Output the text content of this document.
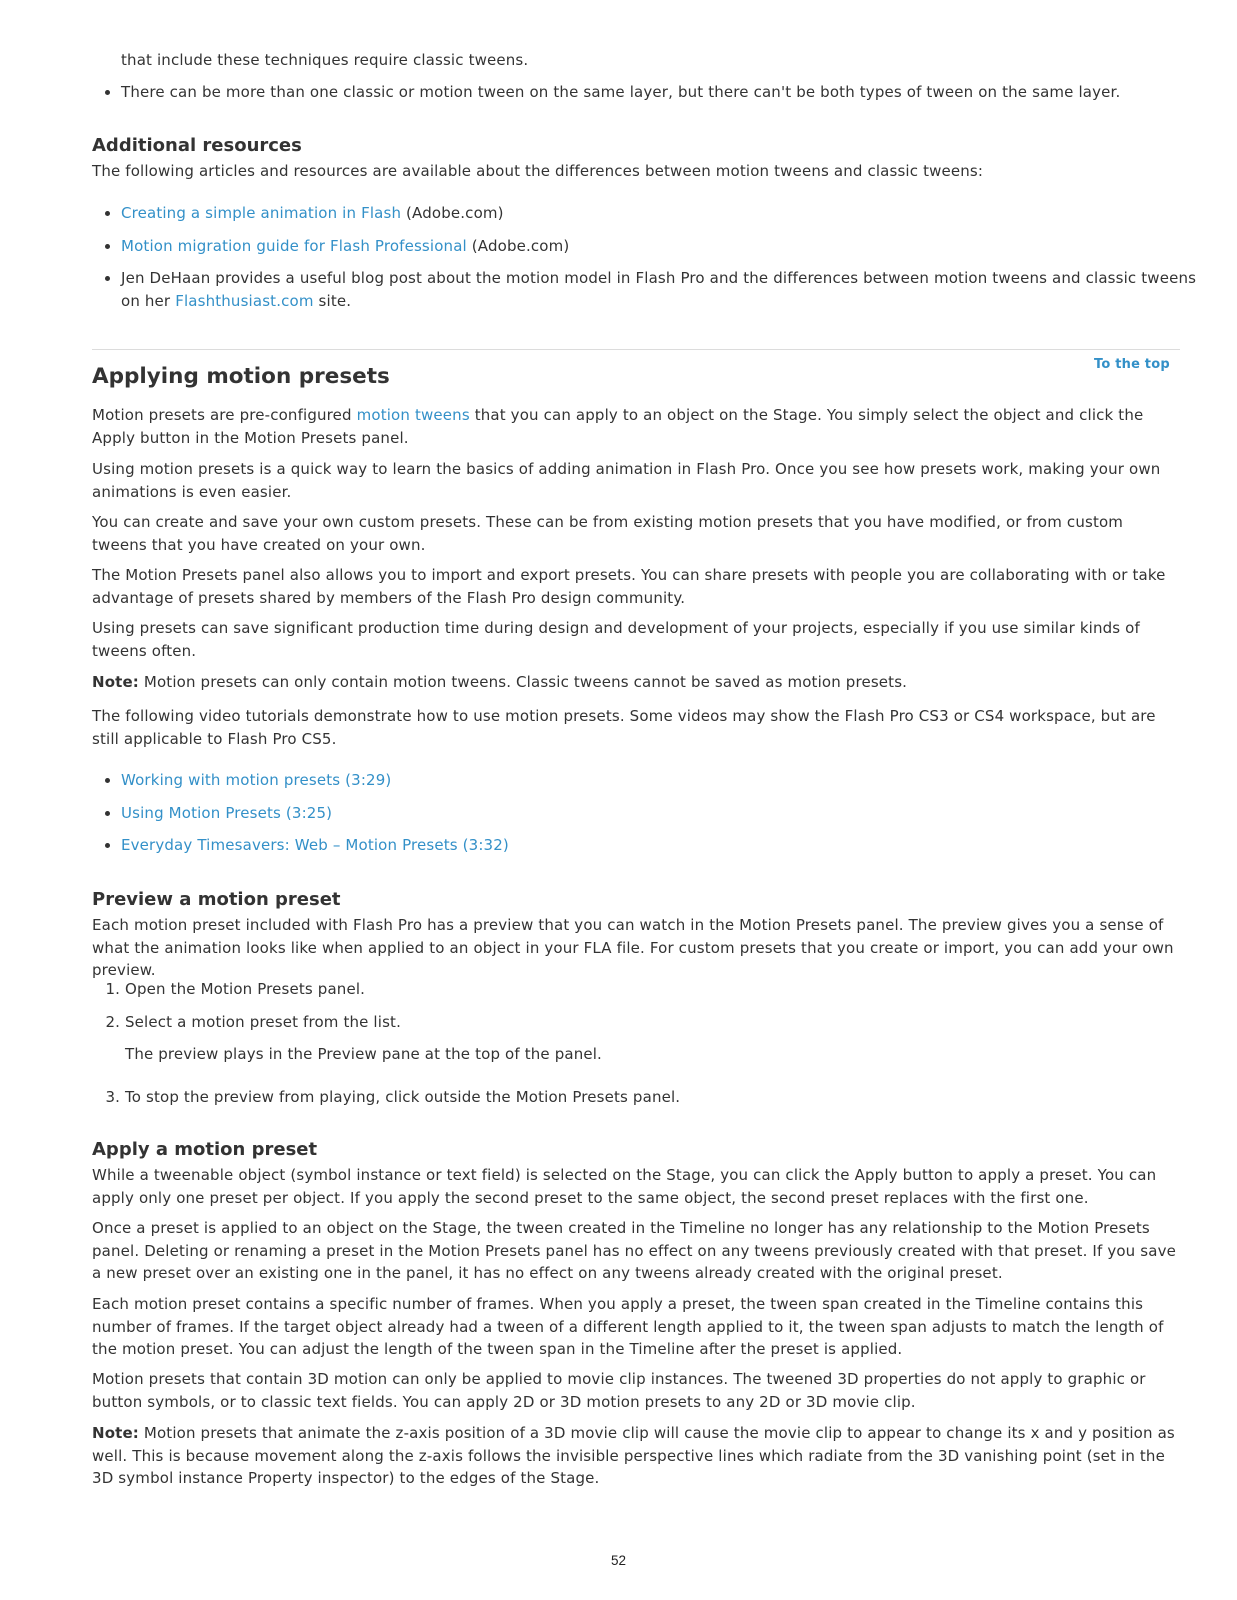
that include these techniques require classic tweens.

• There can be more than one classic or motion tween on the same layer, but there can't be both types of tween on the same layer.
Additional resources

The following articles and resources are available about the differences between motion tweens and classic tweens:

• Creating a simple animation in Flash (Adobe.com)
• Motion migration guide for Flash Professional (Adobe.com)
• Jen DeHaan provides a useful blog post about the motion model in Flash Pro and the differences between motion tweens and classic tweens on her Flashthusiast.com site.
To the top
Applying motion presets

Motion presets are pre-configured motion tweens that you can apply to an object on the Stage. You simply select the object and click the Apply button in the Motion Presets panel.

Using motion presets is a quick way to learn the basics of adding animation in Flash Pro. Once you see how presets work, making your own animations is even easier.

You can create and save your own custom presets. These can be from existing motion presets that you have modified, or from custom tweens that you have created on your own.

The Motion Presets panel also allows you to import and export presets. You can share presets with people you are collaborating with or take advantage of presets shared by members of the Flash Pro design community.

Using presets can save significant production time during design and development of your projects, especially if you use similar kinds of tweens often.

Note: Motion presets can only contain motion tweens. Classic tweens cannot be saved as motion presets.

The following video tutorials demonstrate how to use motion presets. Some videos may show the Flash Pro CS3 or CS4 workspace, but are still applicable to Flash Pro CS5.

• Working with motion presets (3:29)
• Using Motion Presets (3:25)
• Everyday Timesavers: Web – Motion Presets (3:32)
Preview a motion preset

Each motion preset included with Flash Pro has a preview that you can watch in the Motion Presets panel. The preview gives you a sense of what the animation looks like when applied to an object in your FLA file. For custom presets that you create or import, you can add your own preview.

1. Open the Motion Presets panel.
2. Select a motion preset from the list.
The preview plays in the Preview pane at the top of the panel.
3. To stop the preview from playing, click outside the Motion Presets panel.
Apply a motion preset

While a tweenable object (symbol instance or text field) is selected on the Stage, you can click the Apply button to apply a preset. You can apply only one preset per object. If you apply the second preset to the same object, the second preset replaces with the first one.

Once a preset is applied to an object on the Stage, the tween created in the Timeline no longer has any relationship to the Motion Presets panel. Deleting or renaming a preset in the Motion Presets panel has no effect on any tweens previously created with that preset. If you save a new preset over an existing one in the panel, it has no effect on any tweens already created with the original preset.

Each motion preset contains a specific number of frames. When you apply a preset, the tween span created in the Timeline contains this number of frames. If the target object already had a tween of a different length applied to it, the tween span adjusts to match the length of the motion preset. You can adjust the length of the tween span in the Timeline after the preset is applied.

Motion presets that contain 3D motion can only be applied to movie clip instances. The tweened 3D properties do not apply to graphic or button symbols, or to classic text fields. You can apply 2D or 3D motion presets to any 2D or 3D movie clip.

Note: Motion presets that animate the z-axis position of a 3D movie clip will cause the movie clip to appear to change its x and y position as well. This is because movement along the z-axis follows the invisible perspective lines which radiate from the 3D vanishing point (set in the 3D symbol instance Property inspector) to the edges of the Stage.

52
